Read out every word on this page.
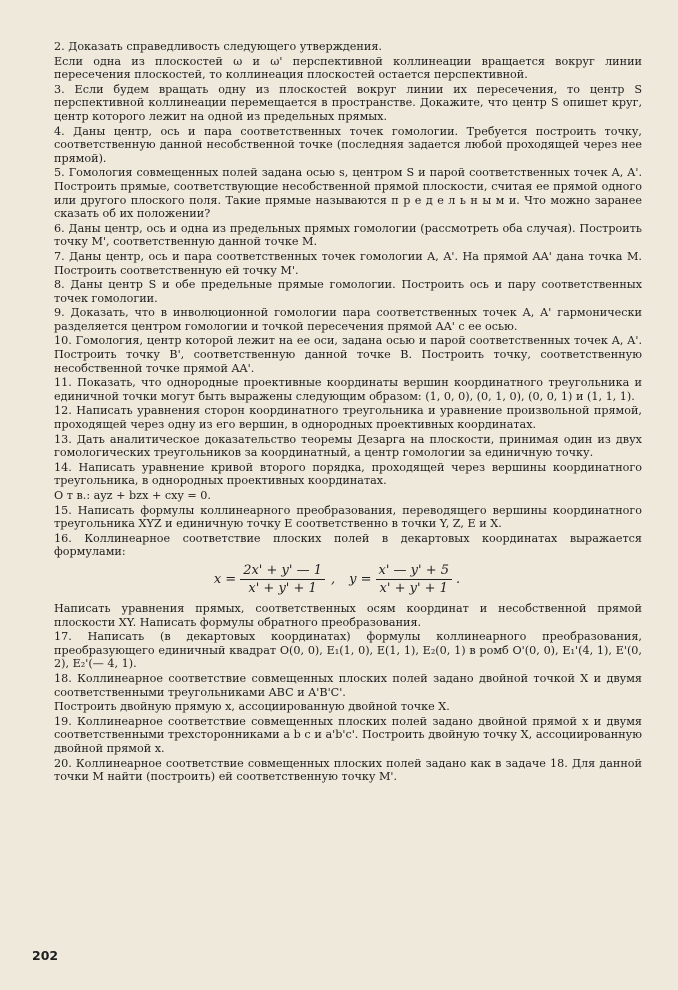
2. Доказать справедливость следующего утверждения.

Если одна из плоскостей ω и ω' перспективной коллинеации вращается вокруг линии пересечения плоскостей, то коллинеация плоскостей остается перспективной.

3. Если будем вращать одну из плоскостей вокруг линии их пересечения, то центр S перспективной коллинеации перемещается в пространстве. Докажите, что центр S опишет круг, центр которого лежит на одной из предельных прямых.

4. Даны центр, ось и пара соответственных точек гомологии. Требуется построить точку, соответственную данной несобственной точке (последняя задается любой проходящей через нее прямой).

5. Гомология совмещенных полей задана осью s, центром S и парой соответственных точек A, A'. Построить прямые, соответствующие несобственной прямой плоскости, считая ее прямой одного или другого плоского поля. Такие прямые называются п р е д е л ь н ы м и. Что можно заранее сказать об их положении?

6. Даны центр, ось и одна из предельных прямых гомологии (рассмотреть оба случая). Построить точку M', соответственную данной точке M.

7. Даны центр, ось и пара соответственных точек гомологии A, A'. На прямой AA' дана точка M. Построить соответственную ей точку M'.

8. Даны центр S и обе предельные прямые гомологии. Построить ось и пару соответственных точек гомологии.

9. Доказать, что в инволюционной гомологии пара соответственных точек A, A' гармонически разделяется центром гомологии и точкой пересечения прямой AA' с ее осью.

10. Гомология, центр которой лежит на ее оси, задана осью и парой соответственных точек A, A'. Построить точку B', соответственную данной точке B. Построить точку, соответственную несобственной точке прямой AA'.

11. Показать, что однородные проективные координаты вершин координатного треугольника и единичной точки могут быть выражены следующим образом: (1, 0, 0), (0, 1, 0), (0, 0, 1) и (1, 1, 1).

12. Написать уравнения сторон координатного треугольника и уравнение произвольной прямой, проходящей через одну из его вершин, в однородных проективных координатах.

13. Дать аналитическое доказательство теоремы Дезарга на плоскости, принимая один из двух гомологических треугольников за координатный, а центр гомологии за единичную точку.

14. Написать уравнение кривой второго порядка, проходящей через вершины координатного треугольника, в однородных проективных координатах.

О т в.: ayz + bzx + cxy = 0.

15. Написать формулы коллинеарного преобразования, переводящего вершины координатного треугольника XYZ и единичную точку E соответственно в точки Y, Z, E и X.

16. Коллинеарное соответствие плоских полей в декартовых координатах выражается формулами:

$x = \frac{2x' + y' — 1}{x' + y' + 1}$ , $y = \frac{x' — y' + 5}{x' + y' + 1}$ .

Написать уравнения прямых, соответственных осям координат и несобственной прямой плоскости XY. Написать формулы обратного преобразования.

17. Написать (в декартовых координатах) формулы коллинеарного преобразования, преобразующего единичный квадрат O(0, 0), E₁(1, 0), E(1, 1), E₂(0, 1) в ромб O'(0, 0), E₁'(4, 1), E'(0, 2), E₂'(— 4, 1).

18. Коллинеарное соответствие совмещенных плоских полей задано двойной точкой X и двумя соответственными треугольниками ABC и A'B'C'.

Построить двойную прямую x, ассоциированную двойной точке X.

19. Коллинеарное соответствие совмещенных плоских полей задано двойной прямой x и двумя соответственными трехсторонниками a b c и a'b'c'. Построить двойную точку X, ассоциированную двойной прямой x.

20. Коллинеарное соответствие совмещенных плоских полей задано как в задаче 18. Для данной точки M найти (построить) ей соответственную точку M'.

202
